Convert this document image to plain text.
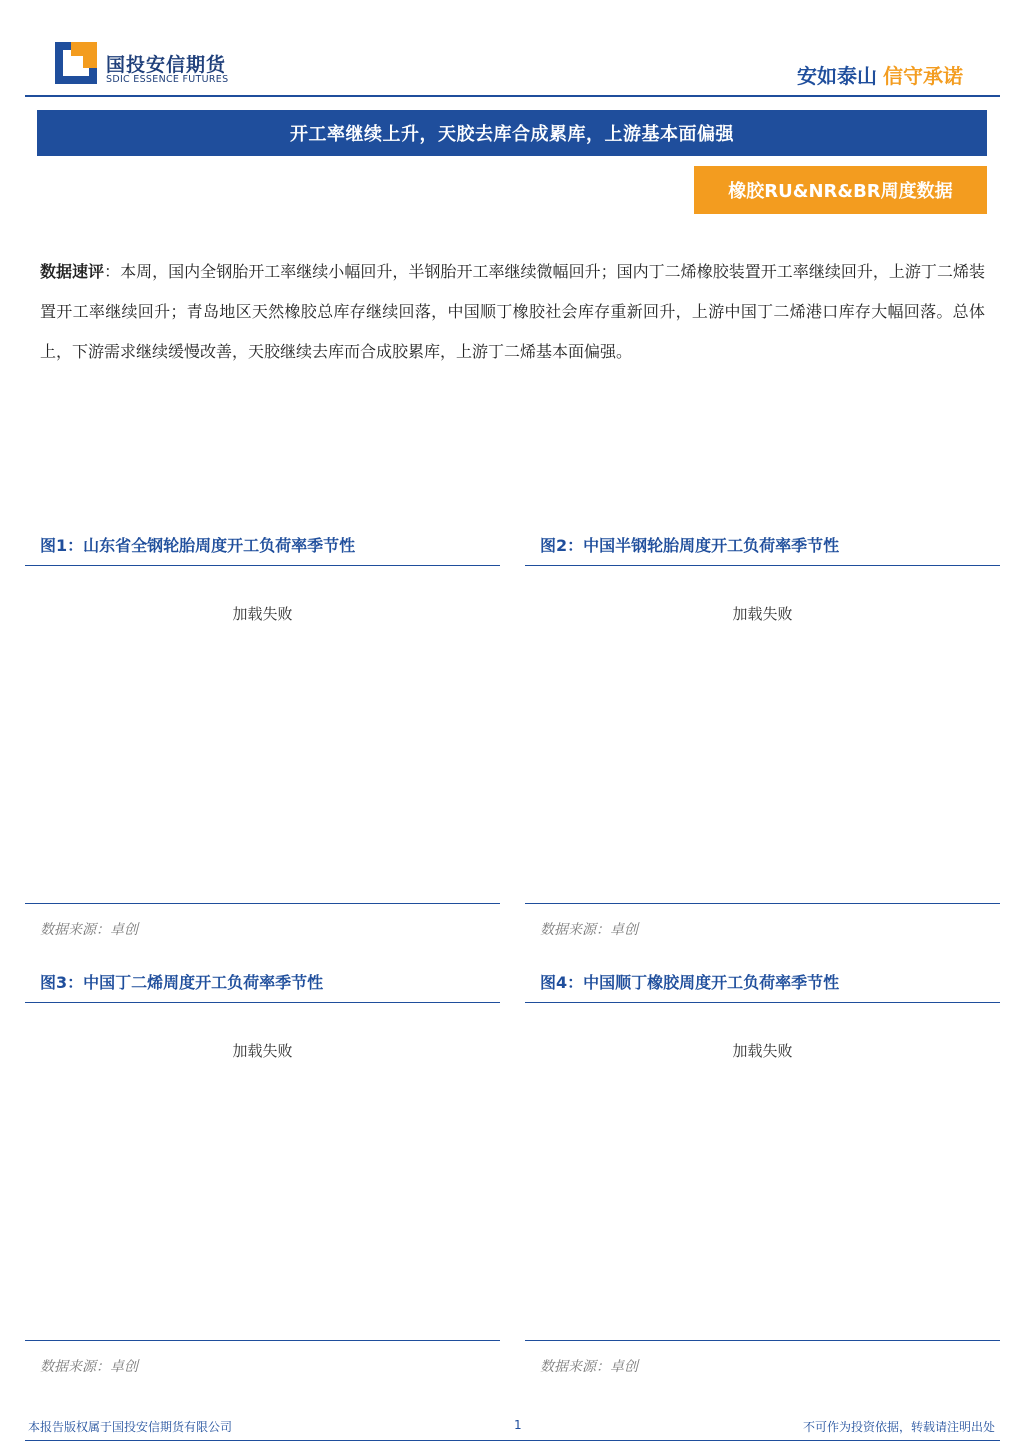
国投安信期货
SDIC ESSENCE FUTURES	安如泰山 信守承诺
开工率继续上升，天胶去库合成累库，上游基本面偏强
橡胶RU&NR&BR周度数据
数据速评：本周，国内全钢胎开工率继续小幅回升，半钢胎开工率继续微幅回升；国内丁二烯橡胶装置开工率继续回升，上游丁二烯装置开工率继续回升；青岛地区天然橡胶总库存继续回落，中国顺丁橡胶社会库存重新回升，上游中国丁二烯港口库存大幅回落。总体上，下游需求继续缓慢改善，天胶继续去库而合成胶累库，上游丁二烯基本面偏强。
图1：山东省全钢轮胎周度开工负荷率季节性
加载失败
数据来源：卓创
图2：中国半钢轮胎周度开工负荷率季节性
加载失败
数据来源：卓创
图3：中国丁二烯周度开工负荷率季节性
加载失败
数据来源：卓创
图4：中国顺丁橡胶周度开工负荷率季节性
加载失败
数据来源：卓创
本报告版权属于国投安信期货有限公司	1	不可作为投资依据，转载请注明出处
